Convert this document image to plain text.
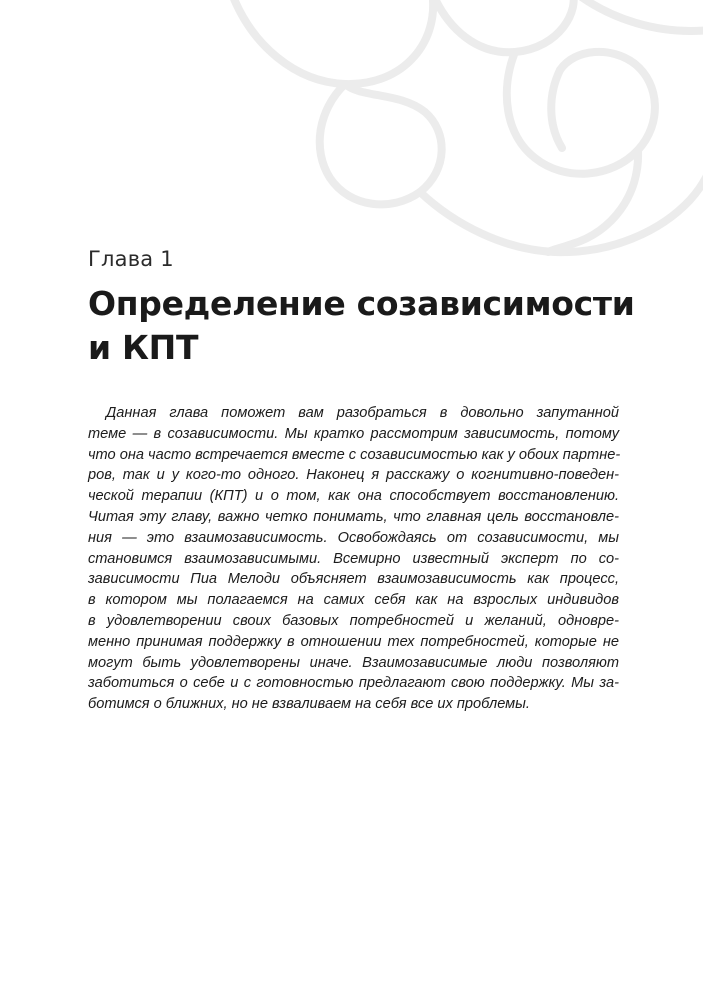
Глава 1
Определение созависимости
и КПТ
Данная глава поможет вам разобраться в довольно запутанной
теме — в созависимости. Мы кратко рассмотрим зависимость, потому
что она часто встречается вместе с созависимостью как у обоих партне-
ров, так и у кого-то одного. Наконец я расскажу о когнитивно-поведен-
ческой терапии (КПТ) и о том, как она способствует восстановлению.
Читая эту главу, важно четко понимать, что главная цель восстановле-
ния — это взаимозависимость. Освобождаясь от созависимости, мы
становимся взаимозависимыми. Всемирно известный эксперт по со-
зависимости Пиа Мелоди объясняет взаимозависимость как процесс,
в котором мы полагаемся на самих себя как на взрослых индивидов
в удовлетворении своих базовых потребностей и желаний, одновре-
менно принимая поддержку в отношении тех потребностей, которые не
могут быть удовлетворены иначе. Взаимозависимые люди позволяют
заботиться о себе и с готовностью предлагают свою поддержку. Мы за-
ботимся о ближних, но не взваливаем на себя все их проблемы.
